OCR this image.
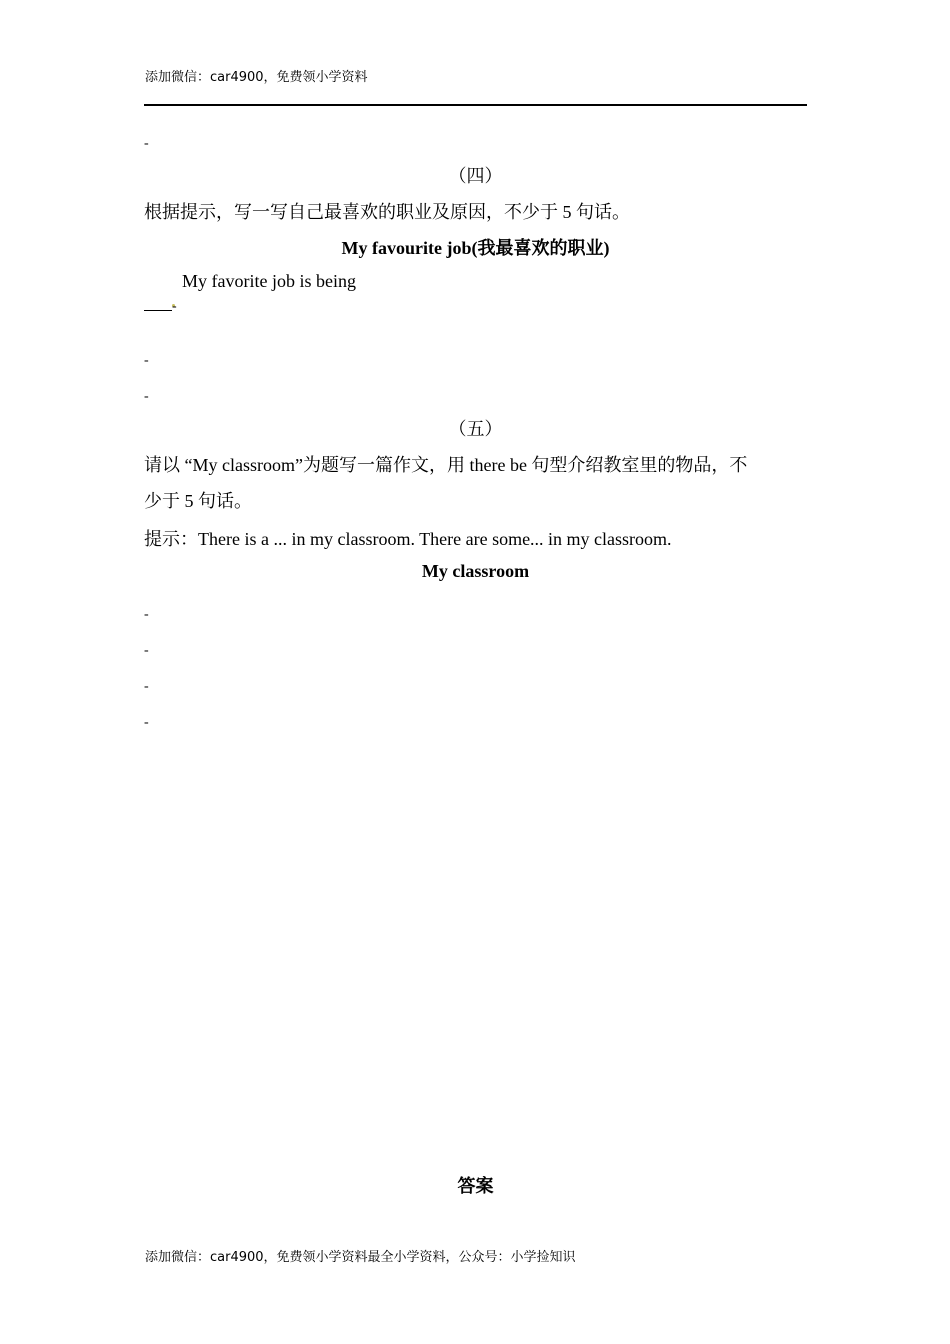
添加微信：car4900，免费领小学资料
-
（四）
根据提示，写一写自己最喜欢的职业及原因，不少于 5 句话。
My favourite job(我最喜欢的职业)
My favorite job is being
-
-
-
（五）
请以 “My classroom”为题写一篇作文，用 there be 句型介绍教室里的物品，不
少于 5 句话。
提示：There is a ... in my classroom. There are some... in my classroom.
My classroom
-
-
-
-
答案
添加微信：car4900，免费领小学资料最全小学资料，公众号：小学捡知识
